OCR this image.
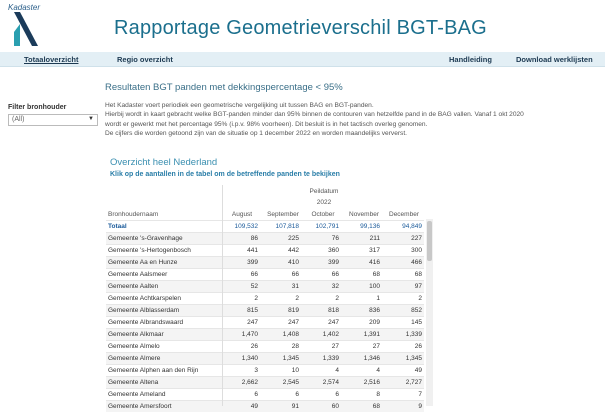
Kadaster
Rapportage Geometrieverschil BGT-BAG
Totaaloverzicht	Regio overzicht	Handleiding	Download werklijsten
Resultaten BGT panden met dekkingspercentage < 95%
Filter bronhouder
(All)	▼

Het Kadaster voert periodiek een geometrische vergelijking uit tussen BAG en BGT-panden.

Hierbij wordt in kaart gebracht welke BGT-panden minder dan 95% binnen de contouren van hetzelfde pand in de BAG vallen. Vanaf 1 okt 2020

wordt er gewerkt met het percentage 95% (i.p.v. 98% voorheen). Dit besluit is in het tactisch overleg genomen.

De cijfers die worden getoond zijn van de situatie op 1 december 2022 en worden maandelijks ververst.

Overzicht heel Nederland
Klik op de aantallen in de tabel om de betreffende panden te bekijken
Peildatum
2022
Bronhoudernaam	August	September	October	November	December
Totaal	109,532	107,818	102,791	99,136	94,849
Gemeente 's-Gravenhage	86	225	76	211	227
Gemeente 's-Hertogenbosch	441	442	360	317	300
Gemeente Aa en Hunze	399	410	399	416	466
Gemeente Aalsmeer	66	66	66	68	68
Gemeente Aalten	52	31	32	100	97
Gemeente Achtkarspelen	2	2	2	1	2
Gemeente Alblasserdam	815	819	818	836	852
Gemeente Albrandswaard	247	247	247	209	145
Gemeente Alkmaar	1,470	1,408	1,402	1,391	1,339
Gemeente Almelo	26	28	27	27	26
Gemeente Almere	1,340	1,345	1,339	1,346	1,345
Gemeente Alphen aan den Rijn	3	10	4	4	49
Gemeente Altena	2,662	2,545	2,574	2,516	2,727
Gemeente Ameland	6	6	6	8	7
Gemeente Amersfoort	49	91	60	68	9
